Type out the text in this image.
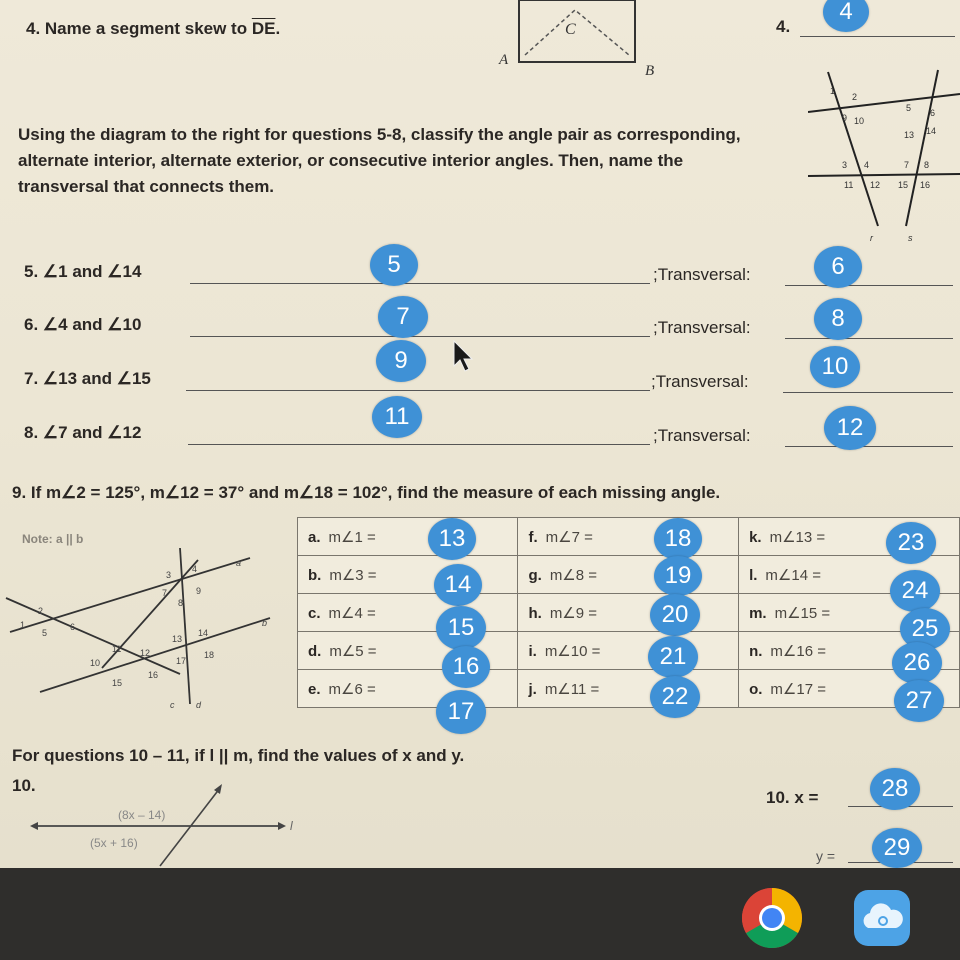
4. Name a segment skew to $\overline{DE}$.	C
A
B
4.
4
Using the diagram to the right for questions 5-8, classify the angle pair as corresponding, alternate interior, alternate exterior, or consecutive interior angles. Then, name the transversal that connects them.
1
2
5 6
9 10
13 14
3 4	7 8
11 12 15 16
r	s
5. ∠1 and ∠14	;Transversal:
5	6
6. ∠4 and ∠10	;Transversal:
7	8
7. ∠13 and ∠15	;Transversal:
9	10
8. ∠7 and ∠12	;Transversal:
11	12
9. If m∠2 = 125°, m∠12 = 37° and m∠18 = 102°, find the measure of each missing angle.
Note: a || b
1
2
5
6
3
4
7
8
9
10
11 12
13
14
15
16
17
18
a
b
c d
a. m∠1 =	f. m∠7 =	k. m∠13 =
b. m∠3 =	g. m∠8 =	l. m∠14 =
c. m∠4 =	h. m∠9 =	m. m∠15 =
d. m∠5 =	i. m∠10 =	n. m∠16 =
e. m∠6 =	j. m∠11 =	o. m∠17 =
13
14
15
16
17
18
19
20
21
22
23
24
25
26
27
For questions 10 – 11, if l || m, find the values of x and y.
10.
l
(8x – 14)
(5x + 16)
10. x =	28
y = 29
